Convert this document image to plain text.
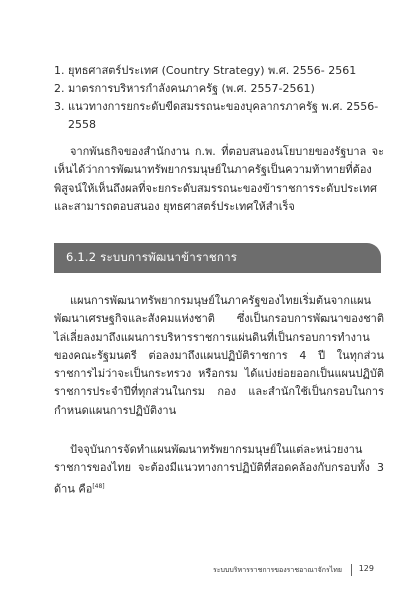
1. ยุทธศาสตร์ประเทศ (Country Strategy) พ.ศ. 2556- 2561
2. มาตรการบริหารกำลังคนภาครัฐ (พ.ศ. 2557-2561)
3. แนวทางการยกระดับขีดสมรรถนะของบุคลากรภาครัฐ พ.ศ. 2556-2558

จากพันธกิจของสำนักงาน ก.พ. ที่ตอบสนองนโยบายของรัฐบาล จะเห็นได้ว่าการพัฒนาทรัพยากรมนุษย์ในภาครัฐเป็นความท้าทายที่ต้องพิสูจน์ให้เห็นถึงผลที่จะยกระดับสมรรถนะของข้าราชการระดับประเทศและสามารถตอบสนอง ยุทธศาสตร์ประเทศให้สำเร็จ

6.1.2 ระบบการพัฒนาข้าราชการ

แผนการพัฒนาทรัพยากรมนุษย์ในภาครัฐของไทยเริ่มต้นจากแผนพัฒนาเศรษฐกิจและสังคมแห่งชาติ ซึ่งเป็นกรอบการพัฒนาของชาติ ไล่เลี่ยลงมาถึงแผนการบริหารราชการแผ่นดินที่เป็นกรอบการทำงานของคณะรัฐมนตรี ต่อลงมาถึงแผนปฏิบัติราชการ 4 ปี ในทุกส่วนราชการไม่ว่าจะเป็นกระทรวง หรือกรม ได้แบ่งย่อยออกเป็นแผนปฏิบัติราชการประจำปีที่ทุกส่วนในกรม กอง และสำนักใช้เป็นกรอบในการกำหนดแผนการปฏิบัติงาน

ปัจจุบันการจัดทำแผนพัฒนาทรัพยากรมนุษย์ในแต่ละหน่วยงานราชการของไทย จะต้องมีแนวทางการปฏิบัติที่สอดคล้องกับกรอบทั้ง 3 ด้าน คือ[48]

ระบบบริหารราชการของราชอาณาจักรไทย 129
